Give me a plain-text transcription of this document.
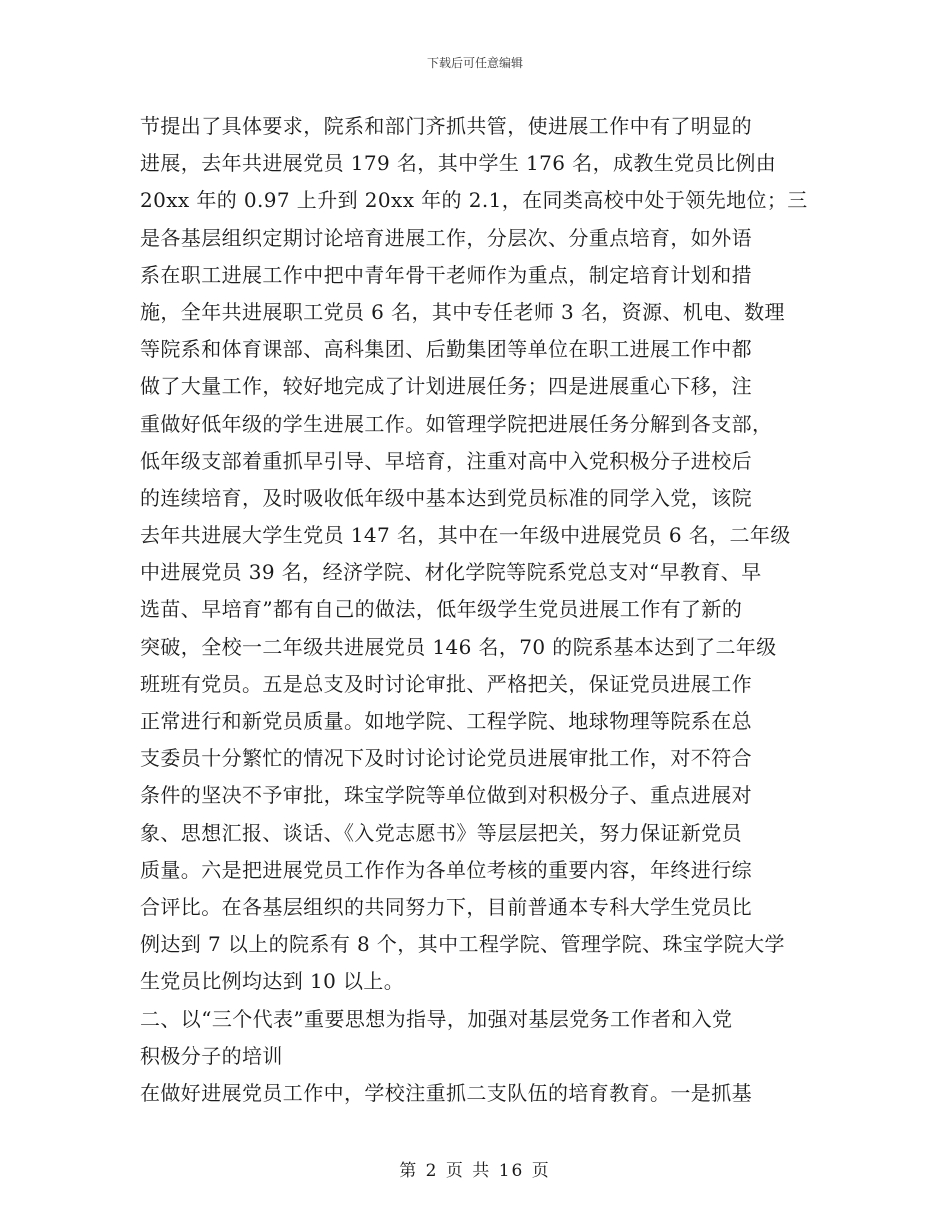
下载后可任意编辑
节提出了具体要求，院系和部门齐抓共管，使进展工作中有了明显的
进展，去年共进展党员 179 名，其中学生 176 名，成教生党员比例由
20xx 年的 0.97 上升到 20xx 年的 2.1，在同类高校中处于领先地位；三
是各基层组织定期讨论培育进展工作，分层次、分重点培育，如外语
系在职工进展工作中把中青年骨干老师作为重点，制定培育计划和措
施，全年共进展职工党员 6 名，其中专任老师 3 名，资源、机电、数理
等院系和体育课部、高科集团、后勤集团等单位在职工进展工作中都
做了大量工作，较好地完成了计划进展任务；四是进展重心下移，注
重做好低年级的学生进展工作。如管理学院把进展任务分解到各支部，
低年级支部着重抓早引导、早培育，注重对高中入党积极分子进校后
的连续培育，及时吸收低年级中基本达到党员标准的同学入党，该院
去年共进展大学生党员 147 名，其中在一年级中进展党员 6 名，二年级
中进展党员 39 名，经济学院、材化学院等院系党总支对“早教育、早
选苗、早培育”都有自己的做法，低年级学生党员进展工作有了新的
突破，全校一二年级共进展党员 146 名，70 的院系基本达到了二年级
班班有党员。五是总支及时讨论审批、严格把关，保证党员进展工作
正常进行和新党员质量。如地学院、工程学院、地球物理等院系在总
支委员十分繁忙的情况下及时讨论讨论党员进展审批工作，对不符合
条件的坚决不予审批，珠宝学院等单位做到对积极分子、重点进展对
象、思想汇报、谈话、《入党志愿书》等层层把关，努力保证新党员
质量。六是把进展党员工作作为各单位考核的重要内容，年终进行综
合评比。在各基层组织的共同努力下，目前普通本专科大学生党员比
例达到 7 以上的院系有 8 个，其中工程学院、管理学院、珠宝学院大学
生党员比例均达到 10 以上。
二、以“三个代表”重要思想为指导，加强对基层党务工作者和入党
积极分子的培训
在做好进展党员工作中，学校注重抓二支队伍的培育教育。一是抓基
第 2 页 共 16 页
